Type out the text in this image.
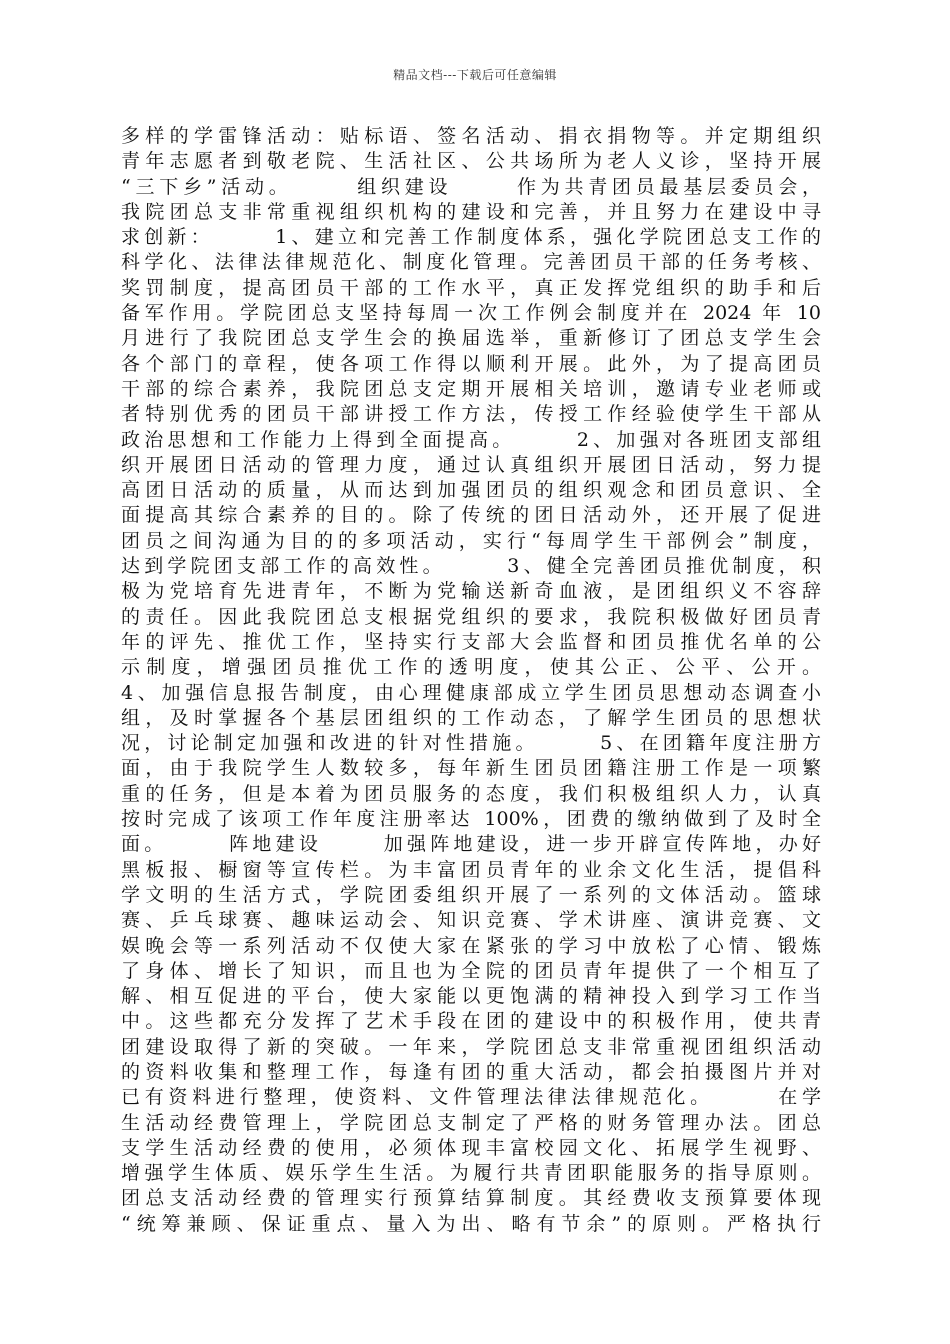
精品文档---下载后可任意编辑
多样的学雷锋活动：贴标语、签名活动、捐衣捐物等。并定期组织
青年志愿者到敬老院、生活社区、公共场所为老人义诊，坚持开展
“三下乡”活动。      组织建设      作为共青团员最基层委员会，
我院团总支非常重视组织机构的建设和完善，并且努力在建设中寻
求创新：      1、建立和完善工作制度体系，强化学院团总支工作的
科学化、法律法律规范化、制度化管理。完善团员干部的任务考核、
奖罚制度，提高团员干部的工作水平，真正发挥党组织的助手和后
备军作用。学院团总支坚持每周一次工作例会制度并在 2024 年 10
月进行了我院团总支学生会的换届选举，重新修订了团总支学生会
各个部门的章程，使各项工作得以顺利开展。此外，为了提高团员
干部的综合素养，我院团总支定期开展相关培训，邀请专业老师或
者特别优秀的团员干部讲授工作方法，传授工作经验使学生干部从
政治思想和工作能力上得到全面提高。      2、加强对各班团支部组
织开展团日活动的管理力度，通过认真组织开展团日活动，努力提
高团日活动的质量，从而达到加强团员的组织观念和团员意识、全
面提高其综合素养的目的。除了传统的团日活动外，还开展了促进
团员之间沟通为目的的多项活动，实行“每周学生干部例会”制度，
达到学院团支部工作的高效性。      3、健全完善团员推优制度，积
极为党培育先进青年，不断为党输送新奇血液，是团组织义不容辞
的责任。因此我院团总支根据党组织的要求，我院积极做好团员青
年的评先、推优工作，坚持实行支部大会监督和团员推优名单的公
示制度，增强团员推优工作的透明度，使其公正、公平、公开。
4、加强信息报告制度，由心理健康部成立学生团员思想动态调查小
组，及时掌握各个基层团组织的工作动态，了解学生团员的思想状
况，讨论制定加强和改进的针对性措施。      5、在团籍年度注册方
面，由于我院学生人数较多，每年新生团员团籍注册工作是一项繁
重的任务，但是本着为团员服务的态度，我们积极组织人力，认真
按时完成了该项工作年度注册率达 100%，团费的缴纳做到了及时全
面。      阵地建设      加强阵地建设，进一步开辟宣传阵地，办好
黑板报、橱窗等宣传栏。为丰富团员青年的业余文化生活，提倡科
学文明的生活方式，学院团委组织开展了一系列的文体活动。篮球
赛、乒乓球赛、趣味运动会、知识竞赛、学术讲座、演讲竞赛、文
娱晚会等一系列活动不仅使大家在紧张的学习中放松了心情、锻炼
了身体、增长了知识，而且也为全院的团员青年提供了一个相互了
解、相互促进的平台，使大家能以更饱满的精神投入到学习工作当
中。这些都充分发挥了艺术手段在团的建设中的积极作用，使共青
团建设取得了新的突破。一年来，学院团总支非常重视团组织活动
的资料收集和整理工作，每逢有团的重大活动，都会拍摄图片并对
已有资料进行整理，使资料、文件管理法律法律规范化。      在学
生活动经费管理上，学院团总支制定了严格的财务管理办法。团总
支学生活动经费的使用，必须体现丰富校园文化、拓展学生视野、
增强学生体质、娱乐学生生活。为履行共青团职能服务的指导原则。
团总支活动经费的管理实行预算结算制度。其经费收支预算要体现
“统筹兼顾、保证重点、量入为出、略有节余”的原则。严格执行
